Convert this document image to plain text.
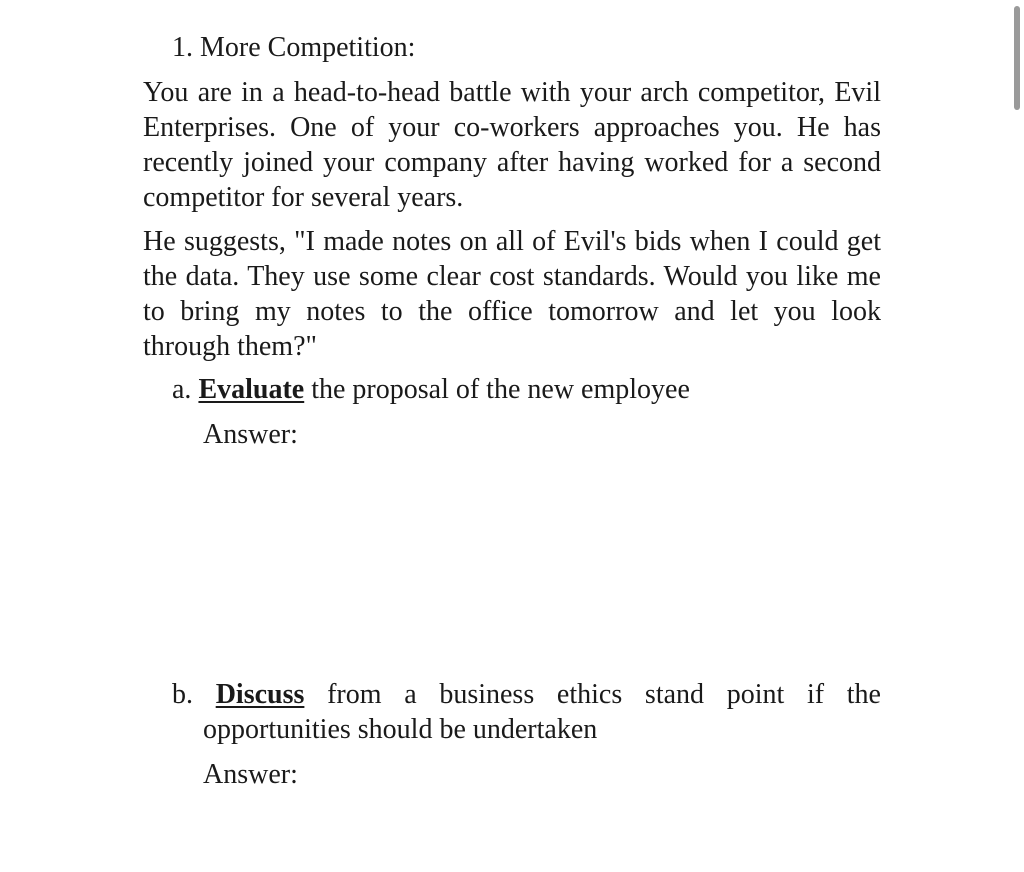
1. More Competition:

You are in a head-to-head battle with your arch competitor, Evil Enterprises. One of your co-workers approaches you. He has recently joined your company after having worked for a second competitor for several years.

He suggests, "I made notes on all of Evil's bids when I could get the data. They use some clear cost standards. Would you like me to bring my notes to the office tomorrow and let you look through them?"

a. Evaluate the proposal of the new employee

Answer:

b. Discuss from a business ethics stand point if the
opportunities should be undertaken

Answer:
